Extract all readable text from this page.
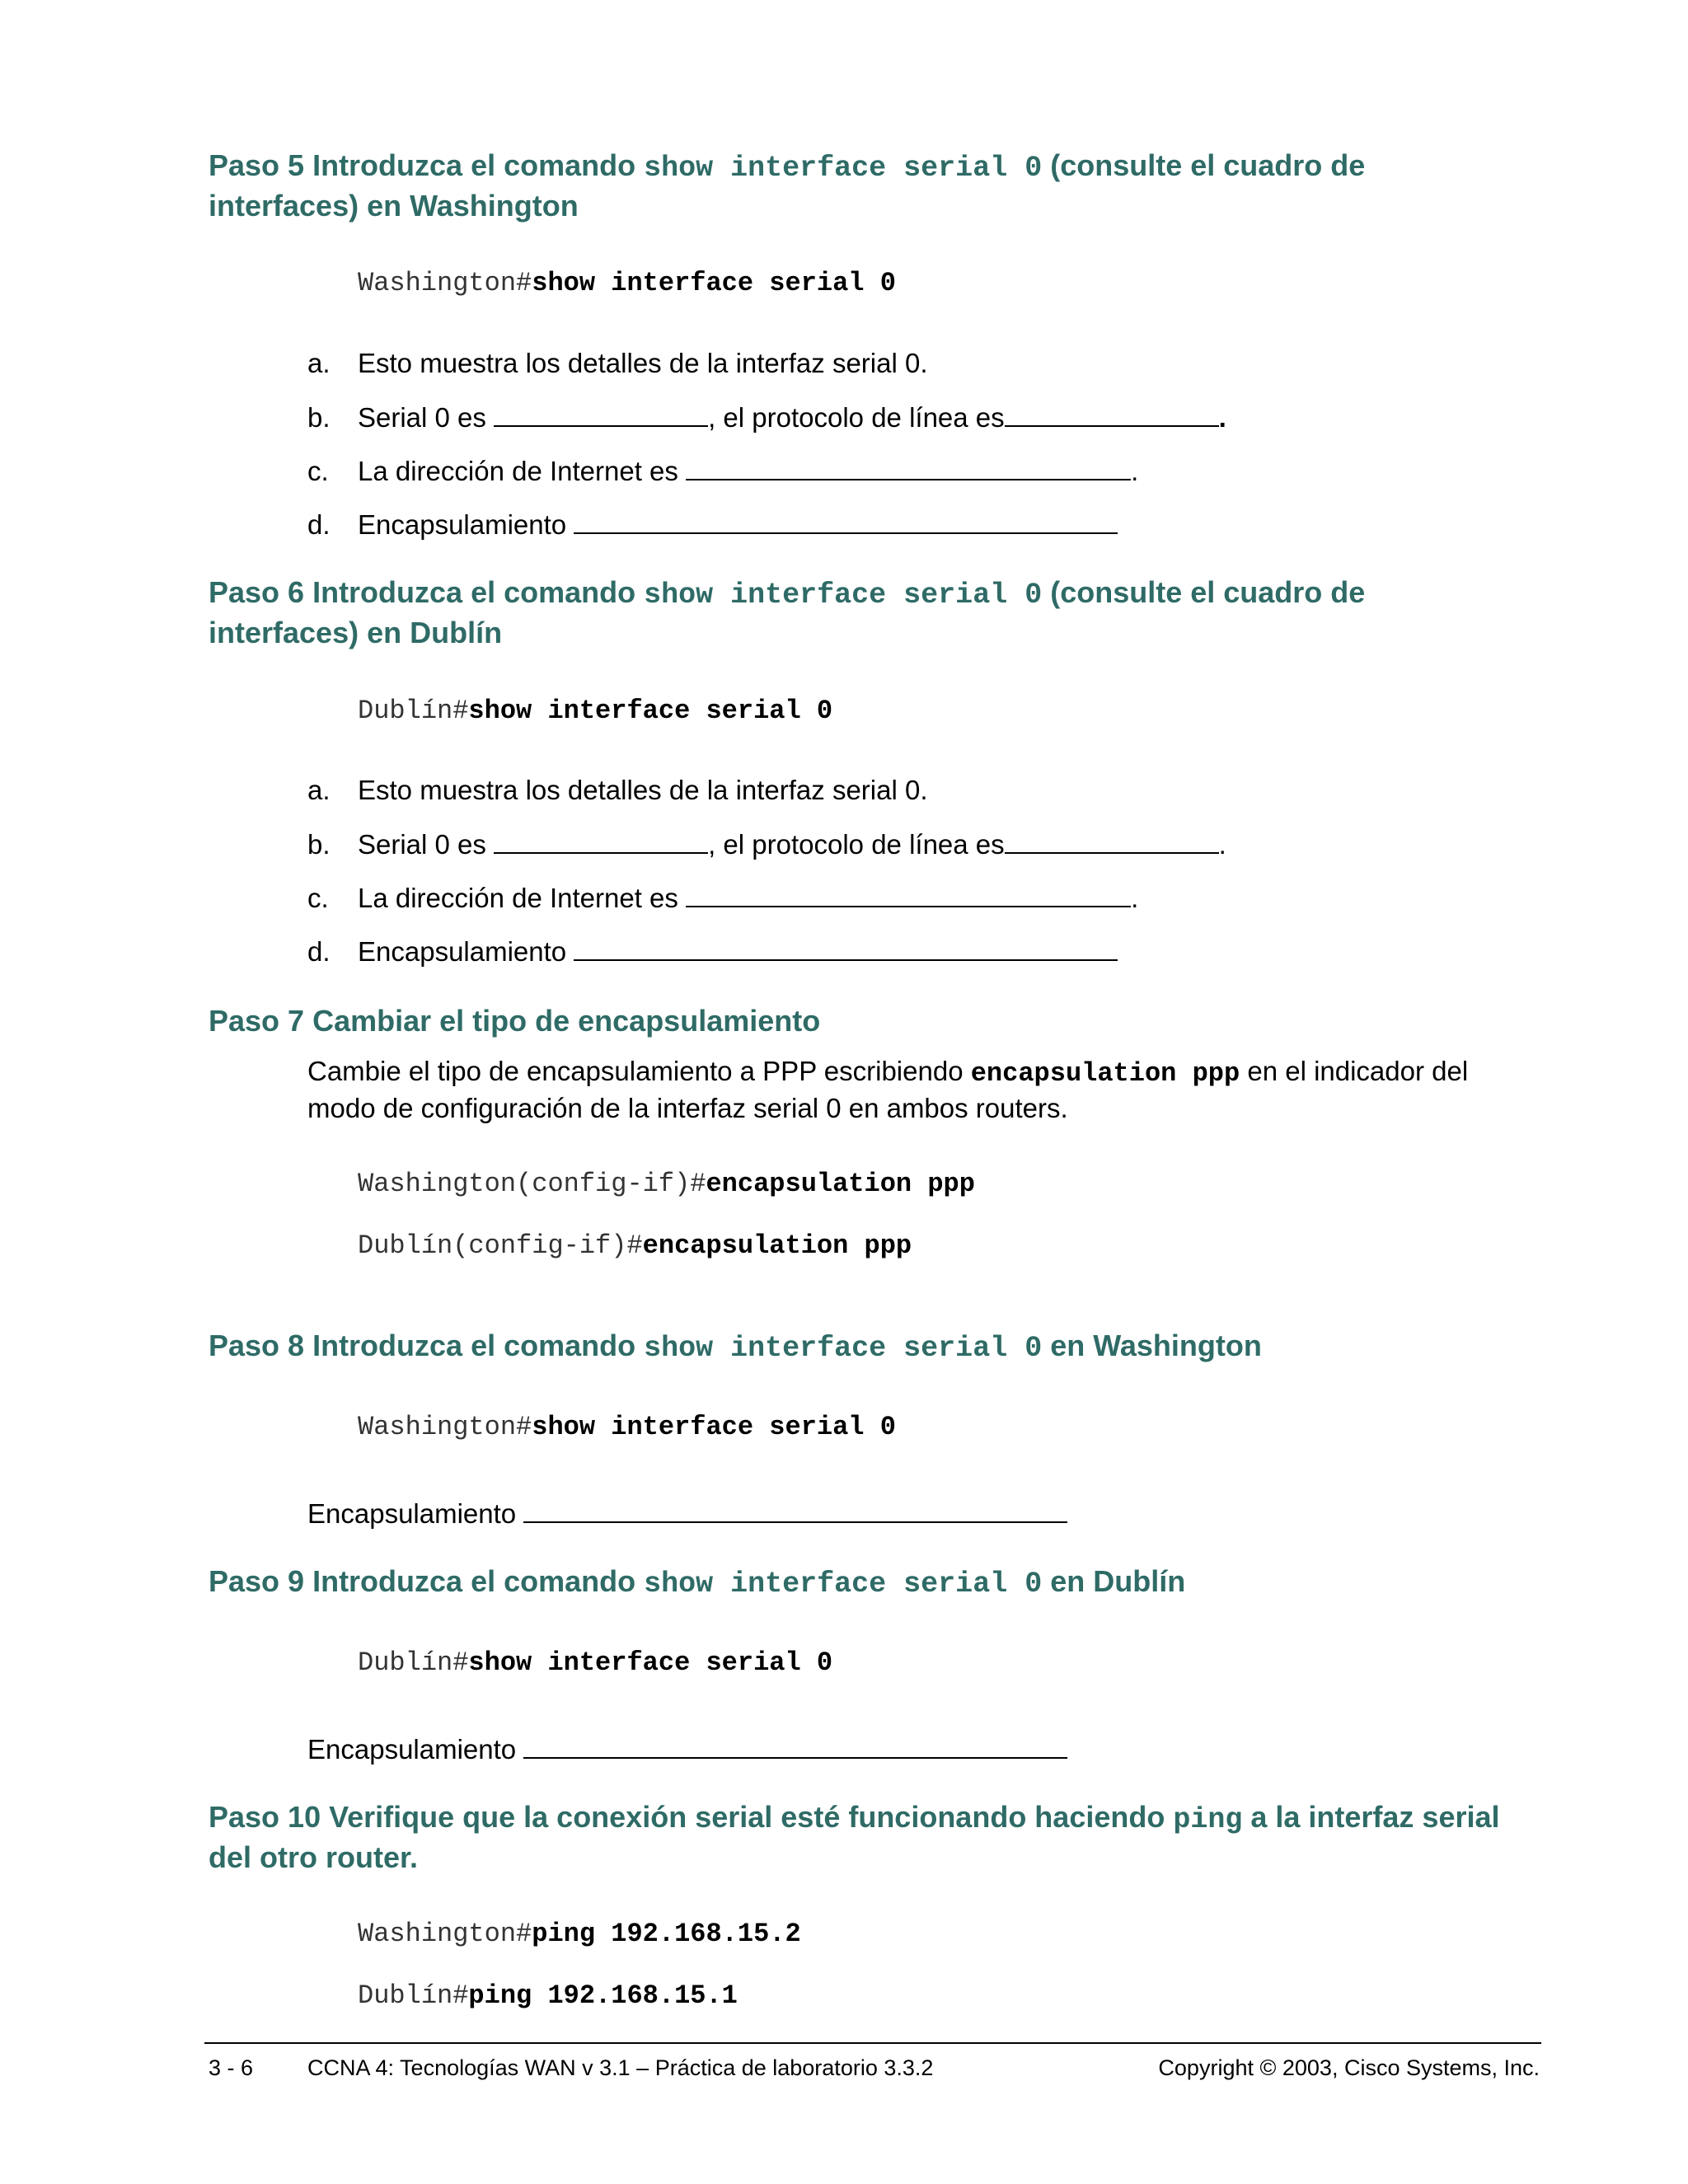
Paso 5 Introduzca el comando show interface serial 0 (consulte el cuadro de
interfaces) en Washington
Washington#show interface serial 0
a. Esto muestra los detalles de la interfaz serial 0.
b. Serial 0 es	, el protocolo de línea es	.
c. La dirección de Internet es	.
d. Encapsulamiento
Paso 6 Introduzca el comando show interface serial 0 (consulte el cuadro de
interfaces) en Dublín
Dublín#show interface serial 0
a. Esto muestra los detalles de la interfaz serial 0.
b. Serial 0 es	, el protocolo de línea es	.
c. La dirección de Internet es	.
d. Encapsulamiento
Paso 7 Cambiar el tipo de encapsulamiento
Cambie el tipo de encapsulamiento a PPP escribiendo encapsulation ppp en el indicador del modo de configuración de la interfaz serial 0 en ambos routers.
Washington(config-if)#encapsulation ppp
Dublín(config-if)#encapsulation ppp
Paso 8 Introduzca el comando show interface serial 0 en Washington
Washington#show interface serial 0
Encapsulamiento
Paso 9 Introduzca el comando show interface serial 0 en Dublín
Dublín#show interface serial 0
Encapsulamiento
Paso 10 Verifique que la conexión serial esté funcionando haciendo ping a la interfaz serial
del otro router.
Washington#ping 192.168.15.2
Dublín#ping 192.168.15.1
3 - 6 CCNA 4: Tecnologías WAN v 3.1 – Práctica de laboratorio 3.3.2	Copyright © 2003, Cisco Systems, Inc.
